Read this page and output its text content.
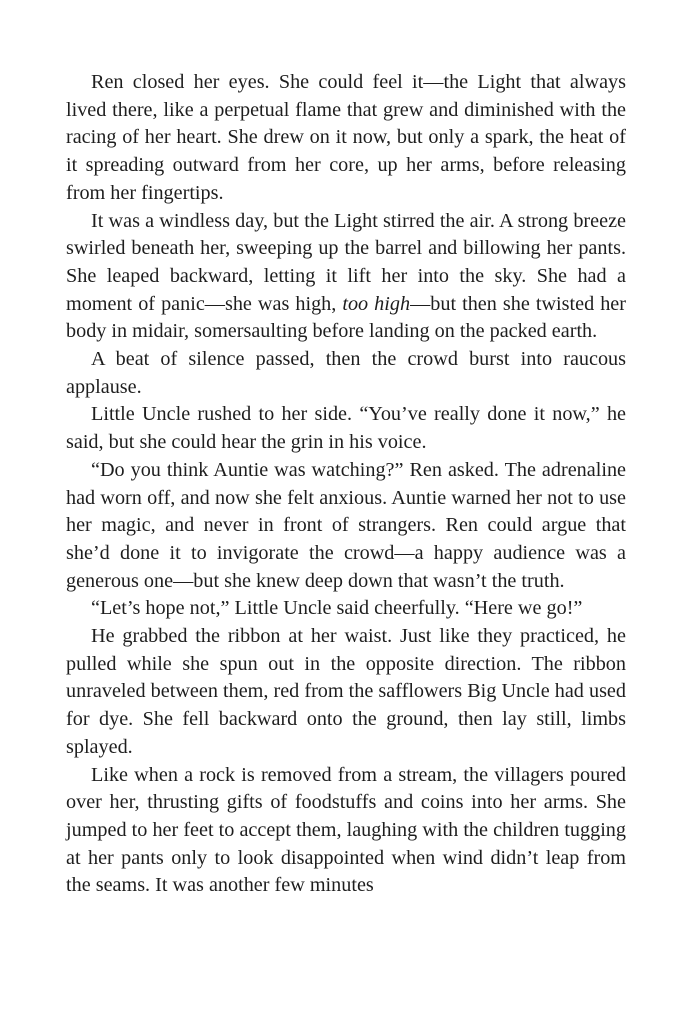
Ren closed her eyes. She could feel it—the Light that always lived there, like a perpetual flame that grew and diminished with the racing of her heart. She drew on it now, but only a spark, the heat of it spreading outward from her core, up her arms, before releasing from her fingertips.

It was a windless day, but the Light stirred the air. A strong breeze swirled beneath her, sweeping up the barrel and billowing her pants. She leaped backward, letting it lift her into the sky. She had a moment of panic—she was high, too high—but then she twisted her body in midair, somersaulting before landing on the packed earth.

A beat of silence passed, then the crowd burst into raucous applause.

Little Uncle rushed to her side. “You’ve really done it now,” he said, but she could hear the grin in his voice.

“Do you think Auntie was watching?” Ren asked. The adrenaline had worn off, and now she felt anxious. Auntie warned her not to use her magic, and never in front of strangers. Ren could argue that she’d done it to invigorate the crowd—a happy audience was a generous one—but she knew deep down that wasn’t the truth.

“Let’s hope not,” Little Uncle said cheerfully. “Here we go!”

He grabbed the ribbon at her waist. Just like they practiced, he pulled while she spun out in the opposite direction. The ribbon unraveled between them, red from the safflowers Big Uncle had used for dye. She fell backward onto the ground, then lay still, limbs splayed.

Like when a rock is removed from a stream, the villagers poured over her, thrusting gifts of foodstuffs and coins into her arms. She jumped to her feet to accept them, laughing with the children tugging at her pants only to look disappointed when wind didn’t leap from the seams. It was another few minutes
